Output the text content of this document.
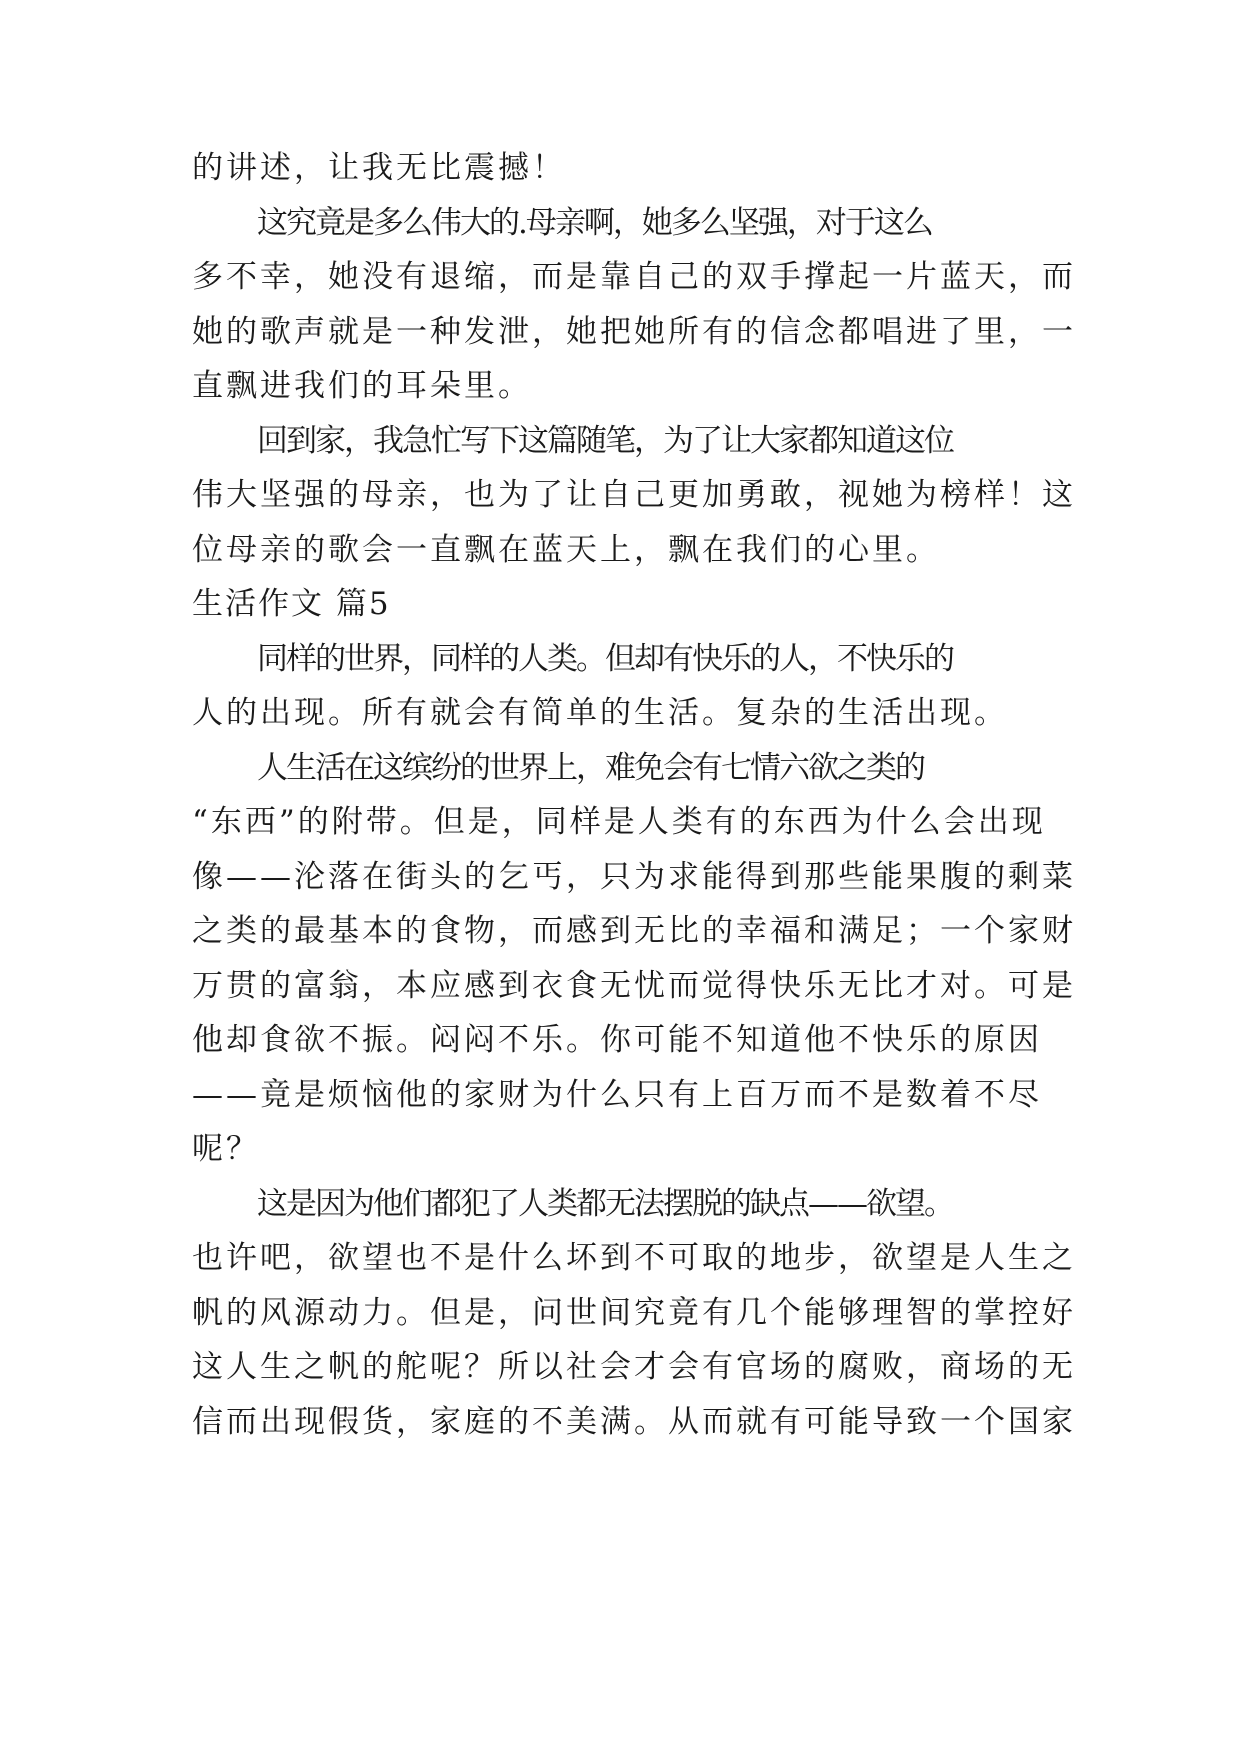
的讲述，让我无比震撼！
这究竟是多么伟大的.母亲啊，她多么坚强，对于这么
多不幸，她没有退缩，而是靠自己的双手撑起一片蓝天，而
她的歌声就是一种发泄，她把她所有的信念都唱进了里，一
直飘进我们的耳朵里。
回到家，我急忙写下这篇随笔，为了让大家都知道这位
伟大坚强的母亲，也为了让自己更加勇敢，视她为榜样！这
位母亲的歌会一直飘在蓝天上，飘在我们的心里。
生活作文 篇5
同样的世界，同样的人类。但却有快乐的人，不快乐的
人的出现。所有就会有简单的生活。复杂的生活出现。
人生活在这缤纷的世界上，难免会有七情六欲之类的
“东西”的附带。但是，同样是人类有的东西为什么会出现
像——沦落在街头的乞丐，只为求能得到那些能果腹的剩菜
之类的最基本的食物，而感到无比的幸福和满足；一个家财
万贯的富翁，本应感到衣食无忧而觉得快乐无比才对。可是
他却食欲不振。闷闷不乐。你可能不知道他不快乐的原因
——竟是烦恼他的家财为什么只有上百万而不是数着不尽
呢？
这是因为他们都犯了人类都无法摆脱的缺点——欲望。
也许吧，欲望也不是什么坏到不可取的地步，欲望是人生之
帆的风源动力。但是，问世间究竟有几个能够理智的掌控好
这人生之帆的舵呢？所以社会才会有官场的腐败，商场的无
信而出现假货，家庭的不美满。从而就有可能导致一个国家
